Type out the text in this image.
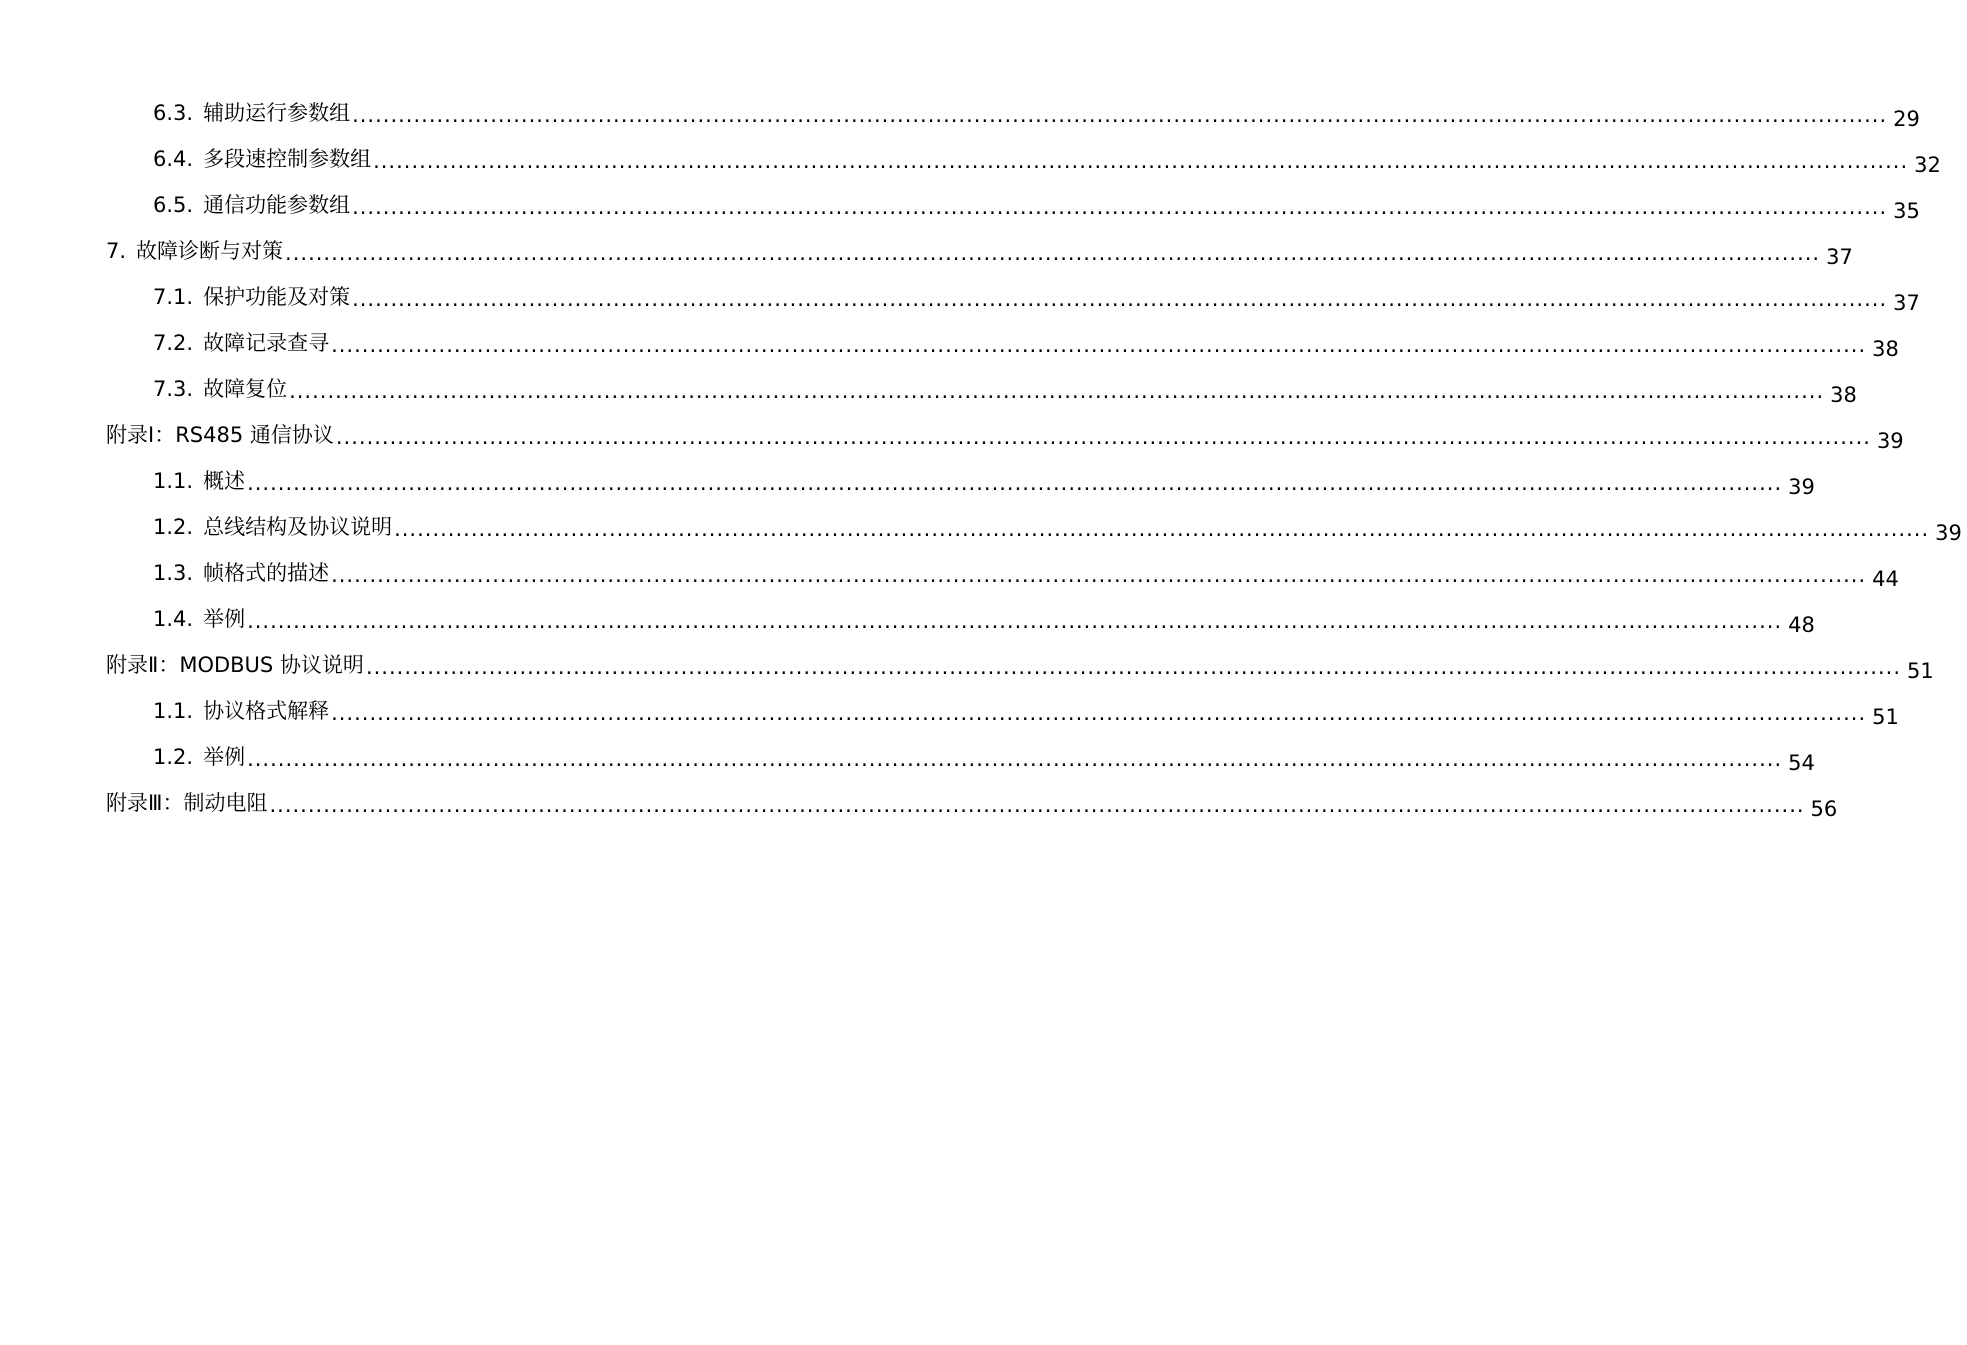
6.3. 辅助运行参数组 ........................................................................................................................................................................................................ 29
6.4. 多段速控制参数组 ........................................................................................................................................................................................................ 32
6.5. 通信功能参数组 ........................................................................................................................................................................................................ 35
7. 故障诊断与对策 ........................................................................................................................................................................................................ 37
7.1. 保护功能及对策 ........................................................................................................................................................................................................ 37
7.2. 故障记录查寻 ........................................................................................................................................................................................................ 38
7.3. 故障复位 ........................................................................................................................................................................................................ 38
附录Ⅰ：RS485 通信协议 ........................................................................................................................................................................................................ 39
1.1. 概述 ........................................................................................................................................................................................................ 39
1.2. 总线结构及协议说明 ........................................................................................................................................................................................................ 39
1.3. 帧格式的描述 ........................................................................................................................................................................................................ 44
1.4. 举例 ........................................................................................................................................................................................................ 48
附录Ⅱ：MODBUS 协议说明 ........................................................................................................................................................................................................ 51
1.1. 协议格式解释 ........................................................................................................................................................................................................ 51
1.2. 举例 ........................................................................................................................................................................................................ 54
附录Ⅲ：制动电阻 ........................................................................................................................................................................................................ 56
